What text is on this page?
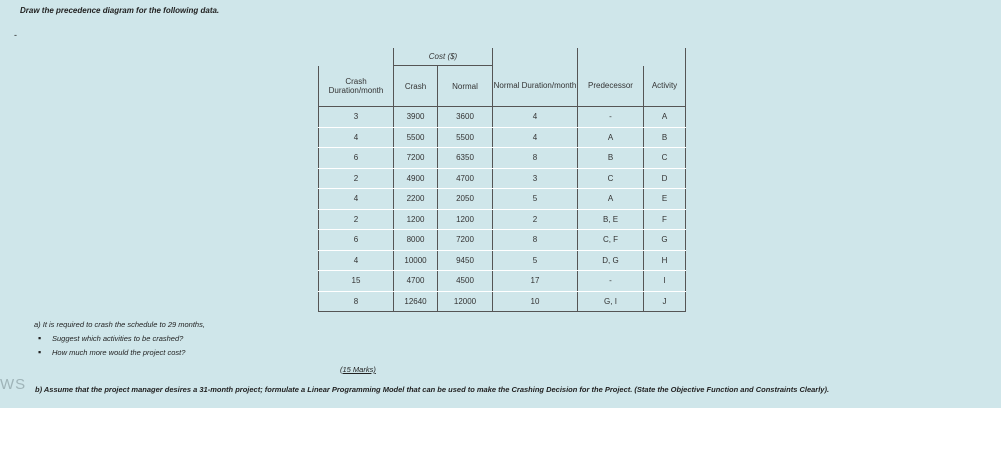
Draw the precedence diagram for the following data.
-
	Cost ($)				
Crash Duration/month	Crash	Normal	Normal Duration/month	Predecessor	Activity
3	3900	3600	4	-	A
4	5500	5500	4	A	B
6	7200	6350	8	B	C
2	4900	4700	3	C	D
4	2200	2050	5	A	E
2	1200	1200	2	B, E	F
6	8000	7200	8	C, F	G
4	10000	9450	5	D, G	H
15	4700	4500	17	-	I
8	12640	12000	10	G, I	J
a) It is required to crash the schedule to 29 months,
▪ Suggest which activities to be crashed?
▪ How much more would the project cost?
(15 Marks)
WS b) Assume that the project manager desires a 31-month project; formulate a Linear Programming Model that can be used to make the Crashing Decision for the Project. (State the Objective Function and Constraints Clearly).
